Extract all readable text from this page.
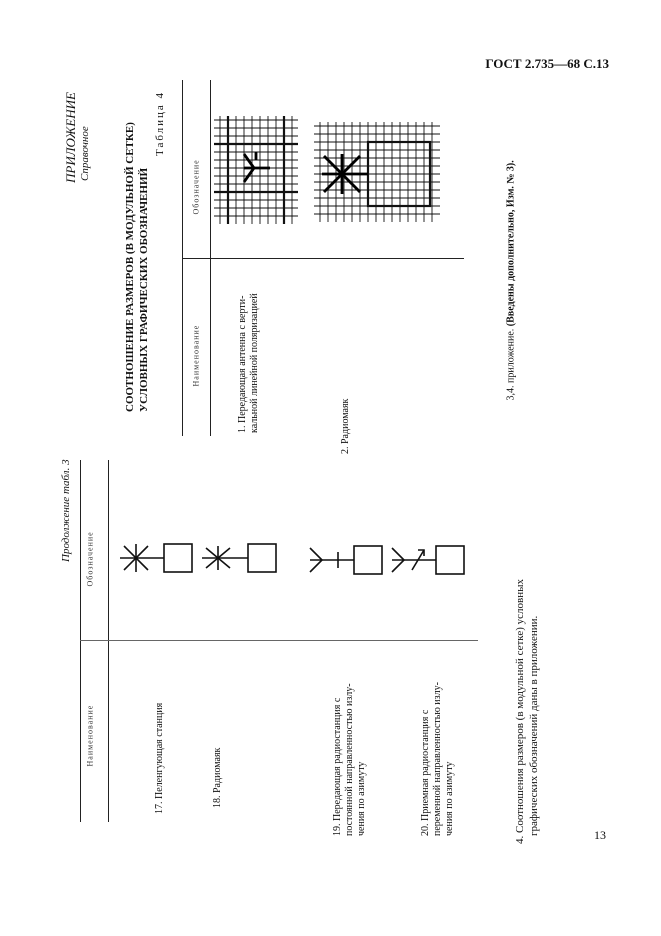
ГОСТ 2.735—68 С.13
Продолжение табл. 3
Наименование
Обозначение
17. Пеленгующая станция	18. Радиомаяк	19. Передающая радиостанция с постоянной направленностью излу- чения по азимуту	20. Приемная радиостанция с переменной направленностью излу- чения по азимуту	4. Соотношения размеров (в модульной сетке) условных графических обозначений даны в приложении.
3,4. приложение. (Введены дополнительно, Изм. № 3).
ПРИЛОЖЕНИЕ Справочное	СООТНОШЕНИЕ РАЗМЕРОВ (В МОДУЛЬНОЙ СЕТКЕ) УСЛОВНЫХ ГРАФИЧЕСКИХ ОБОЗНАЧЕНИЙ
Таблица 4
Наименование
Обозначение
1. Передающая антенна с верти- кальной линейной поляризацией	2. Радиомаяк
13
